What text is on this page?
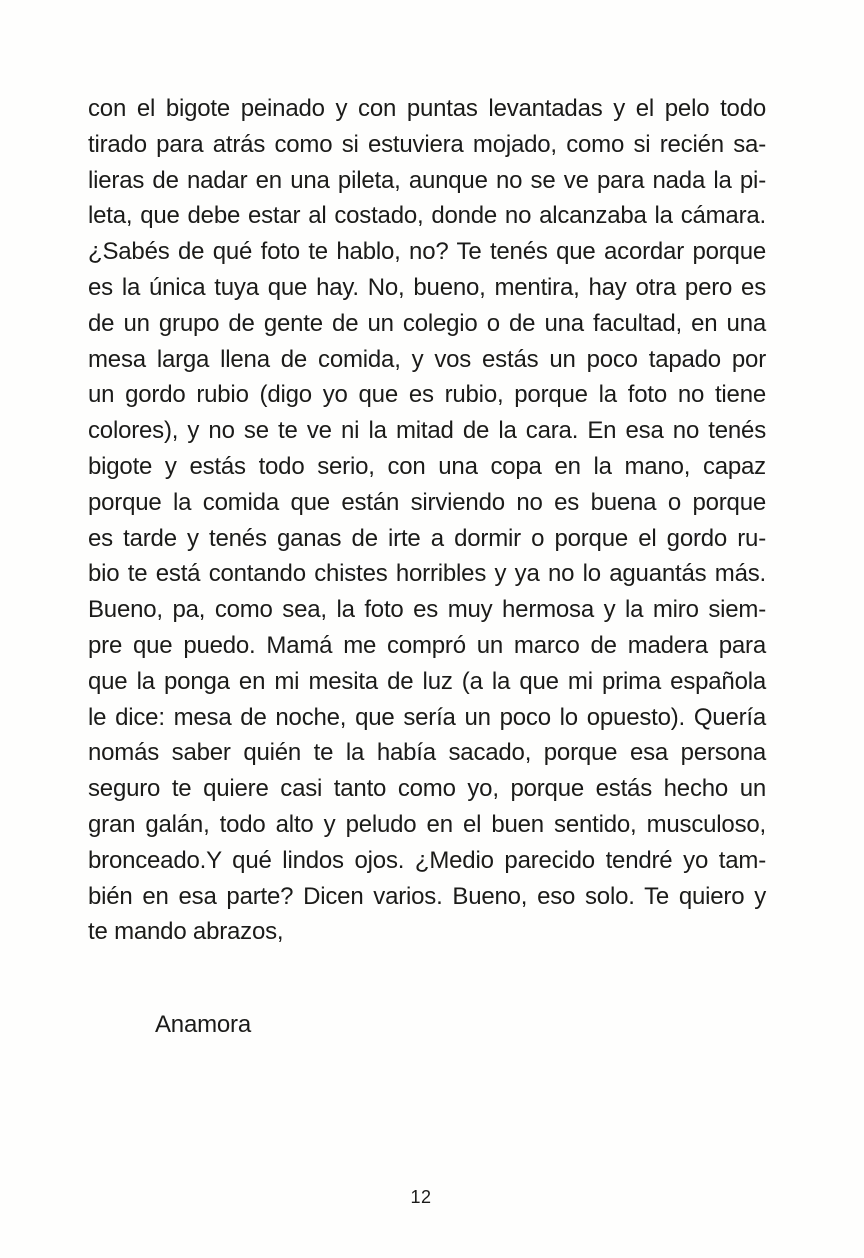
con el bigote peinado y con puntas levantadas y el pelo todo
tirado para atrás como si estuviera mojado, como si recién sa-
lieras de nadar en una pileta, aunque no se ve para nada la pi-
leta, que debe estar al costado, donde no alcanzaba la cámara.
¿Sabés de qué foto te hablo, no? Te tenés que acordar porque
es la única tuya que hay. No, bueno, mentira, hay otra pero es
de un grupo de gente de un colegio o de una facultad, en una
mesa larga llena de comida, y vos estás un poco tapado por
un gordo rubio (digo yo que es rubio, porque la foto no tiene
colores), y no se te ve ni la mitad de la cara. En esa no tenés
bigote y estás todo serio, con una copa en la mano, capaz
porque la comida que están sirviendo no es buena o porque
es tarde y tenés ganas de irte a dormir o porque el gordo ru-
bio te está contando chistes horribles y ya no lo aguantás más.
Bueno, pa, como sea, la foto es muy hermosa y la miro siem-
pre que puedo. Mamá me compró un marco de madera para
que la ponga en mi mesita de luz (a la que mi prima española
le dice: mesa de noche, que sería un poco lo opuesto). Quería
nomás saber quién te la había sacado, porque esa persona
seguro te quiere casi tanto como yo, porque estás hecho un
gran galán, todo alto y peludo en el buen sentido, musculoso,
bronceado.Y qué lindos ojos. ¿Medio parecido tendré yo tam-
bién en esa parte? Dicen varios. Bueno, eso solo. Te quiero y
te mando abrazos,
Anamora
12
